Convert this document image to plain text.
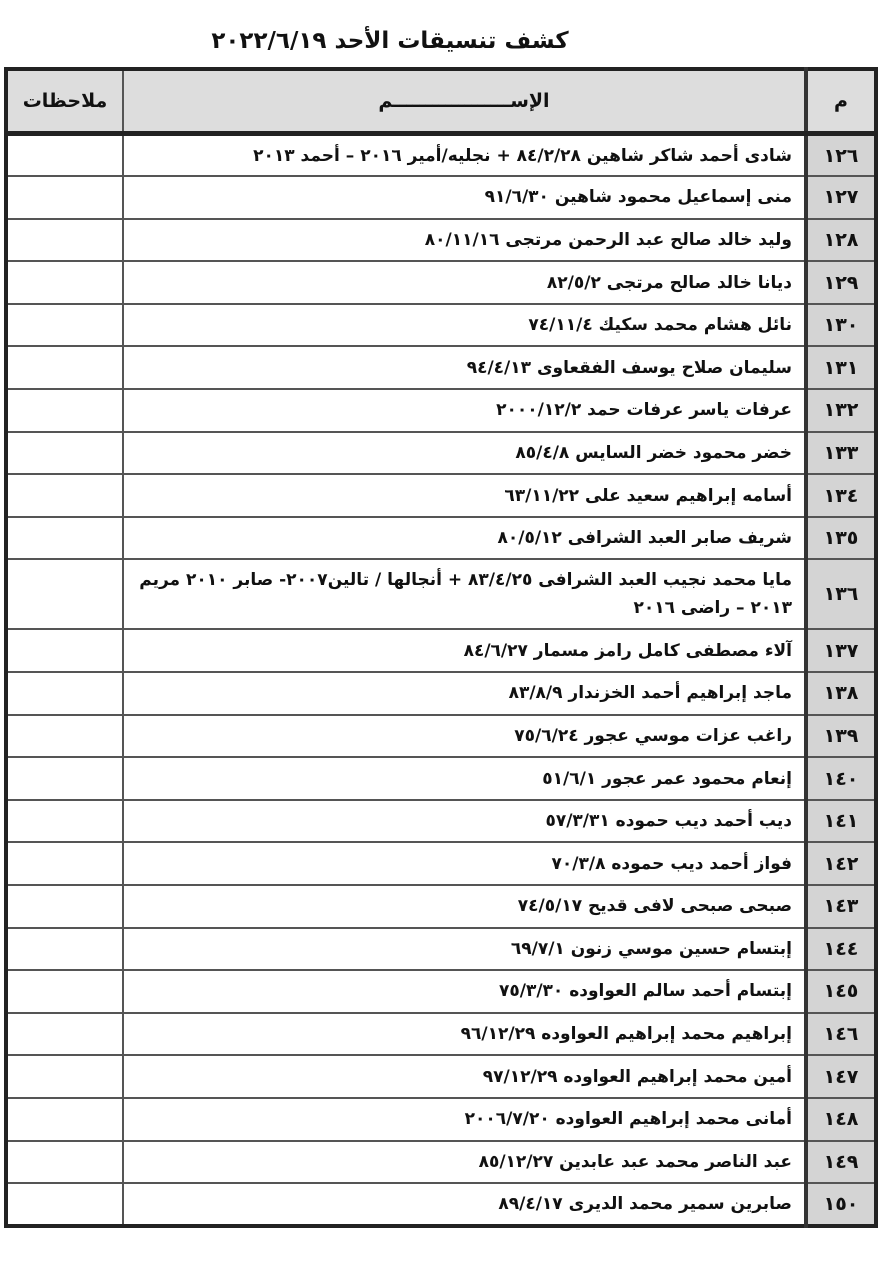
كشف تنسيقات الأحد ٢٠٢٢/٦/١٩
م	الإســــــــــــــــــم	ملاحظات
١٢٦	شادى أحمد شاكر شاهين ٨٤/٢/٢٨ + نجليه/أمير ٢٠١٦ – أحمد ٢٠١٣	
١٢٧	منى إسماعيل محمود شاهين ٩١/٦/٣٠	
١٢٨	وليد خالد صالح عبد الرحمن مرتجى ٨٠/١١/١٦	
١٢٩	ديانا خالد صالح مرتجى ٨٢/٥/٢	
١٣٠	نائل هشام محمد سكيك ٧٤/١١/٤	
١٣١	سليمان صلاح يوسف الفقعاوى ٩٤/٤/١٣	
١٣٢	عرفات ياسر عرفات حمد ٢٠٠٠/١٢/٢	
١٣٣	خضر محمود خضر السايس ٨٥/٤/٨	
١٣٤	أسامه إبراهيم سعيد على ٦٣/١١/٢٢	
١٣٥	شريف صابر العبد الشرافى ٨٠/٥/١٢	
١٣٦	مايا محمد نجيب العبد الشرافى ٨٣/٤/٢٥ + أنجالها / تالين٢٠٠٧- صابر ٢٠١٠ مريم ٢٠١٣ – راضى ٢٠١٦	
١٣٧	آلاء مصطفى كامل رامز مسمار ٨٤/٦/٢٧	
١٣٨	ماجد إبراهيم أحمد الخزندار ٨٣/٨/٩	
١٣٩	راغب عزات موسي عجور ٧٥/٦/٢٤	
١٤٠	إنعام محمود عمر عجور ٥١/٦/١	
١٤١	ديب أحمد ديب حموده ٥٧/٣/٣١	
١٤٢	فواز أحمد ديب حموده ٧٠/٣/٨	
١٤٣	صبحى صبحى لافى قديح ٧٤/٥/١٧	
١٤٤	إبتسام حسين موسي زنون ٦٩/٧/١	
١٤٥	إبتسام أحمد سالم العواوده ٧٥/٣/٣٠	
١٤٦	إبراهيم محمد إبراهيم العواوده ٩٦/١٢/٢٩	
١٤٧	أمين محمد إبراهيم العواوده ٩٧/١٢/٢٩	
١٤٨	أمانى محمد إبراهيم العواوده ٢٠٠٦/٧/٢٠	
١٤٩	عبد الناصر محمد عبد عابدين ٨٥/١٢/٢٧	
١٥٠	صابرين سمير محمد الديرى ٨٩/٤/١٧	
